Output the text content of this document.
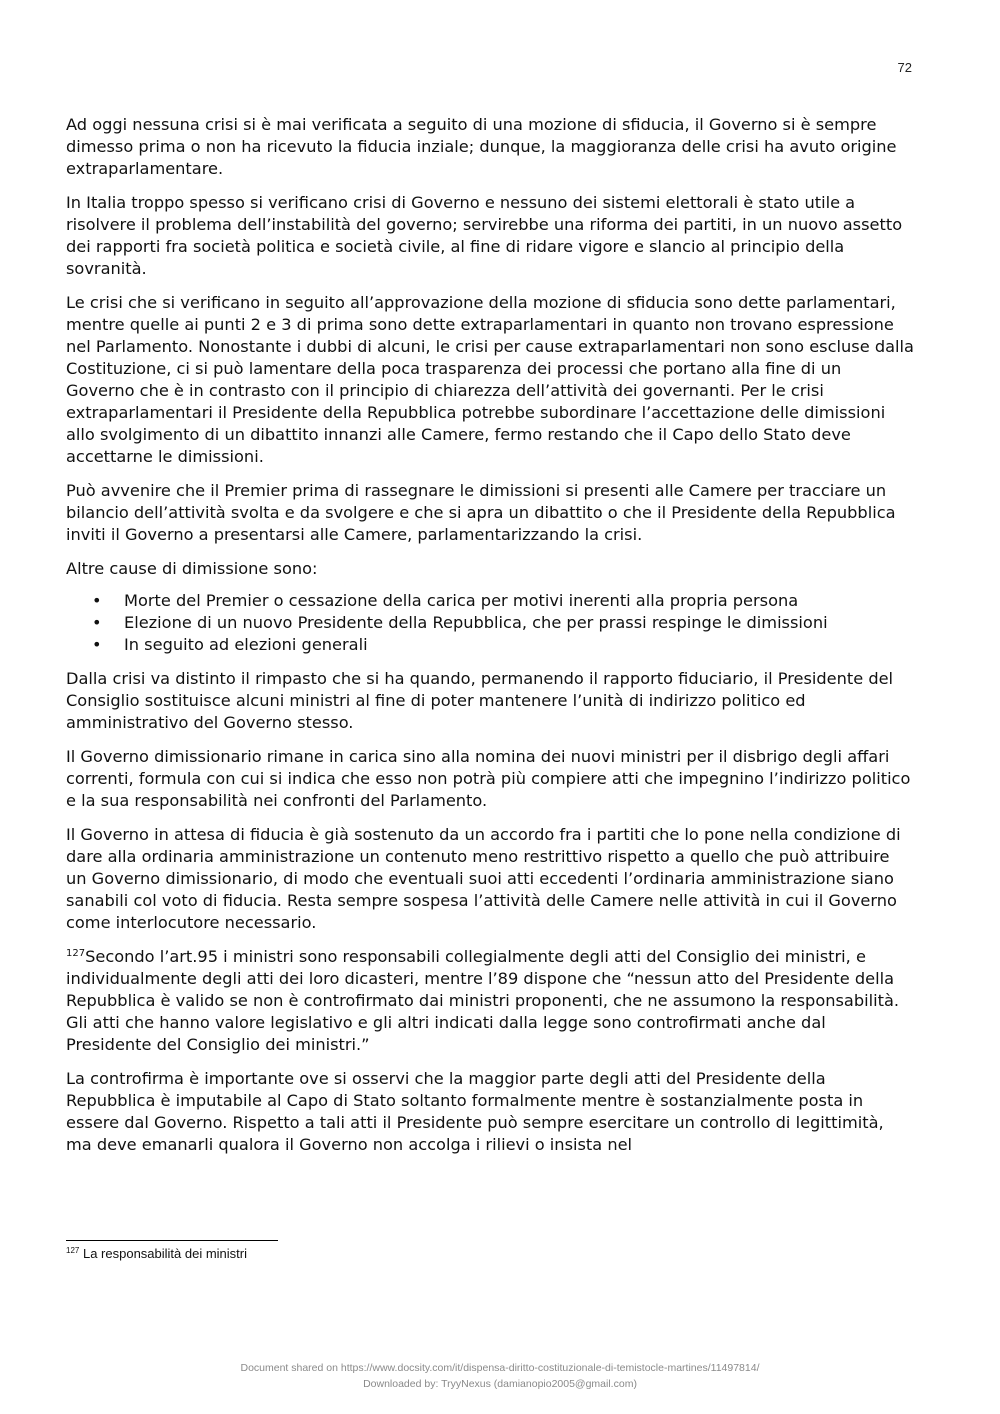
72

Ad oggi nessuna crisi si è mai verificata a seguito di una mozione di sfiducia, il Governo si è sempre dimesso prima o non ha ricevuto la fiducia inziale; dunque, la maggioranza delle crisi ha avuto origine extraparlamentare.

In Italia troppo spesso si verificano crisi di Governo e nessuno dei sistemi elettorali è stato utile a risolvere il problema dell’instabilità del governo; servirebbe una riforma dei partiti, in un nuovo assetto dei rapporti fra società politica e società civile, al fine di ridare vigore e slancio al principio della sovranità.

Le crisi che si verificano in seguito all’approvazione della mozione di sfiducia sono dette parlamentari, mentre quelle ai punti 2 e 3 di prima sono dette extraparlamentari in quanto non trovano espressione nel Parlamento. Nonostante i dubbi di alcuni, le crisi per cause extraparlamentari non sono escluse dalla Costituzione, ci si può lamentare della poca trasparenza dei processi che portano alla fine di un Governo che è in contrasto con il principio di chiarezza dell’attività dei governanti. Per le crisi extraparlamentari il Presidente della Repubblica potrebbe subordinare l’accettazione delle dimissioni allo svolgimento di un dibattito innanzi alle Camere, fermo restando che il Capo dello Stato deve accettarne le dimissioni.

Può avvenire che il Premier prima di rassegnare le dimissioni si presenti alle Camere per tracciare un bilancio dell’attività svolta e da svolgere e che si apra un dibattito o che il Presidente della Repubblica inviti il Governo a presentarsi alle Camere, parlamentarizzando la crisi.

Altre cause di dimissione sono:

• Morte del Premier o cessazione della carica per motivi inerenti alla propria persona
• Elezione di un nuovo Presidente della Repubblica, che per prassi respinge le dimissioni
• In seguito ad elezioni generali

Dalla crisi va distinto il rimpasto che si ha quando, permanendo il rapporto fiduciario, il Presidente del Consiglio sostituisce alcuni ministri al fine di poter mantenere l’unità di indirizzo politico ed amministrativo del Governo stesso.

Il Governo dimissionario rimane in carica sino alla nomina dei nuovi ministri per il disbrigo degli affari correnti, formula con cui si indica che esso non potrà più compiere atti che impegnino l’indirizzo politico e la sua responsabilità nei confronti del Parlamento.

Il Governo in attesa di fiducia è già sostenuto da un accordo fra i partiti che lo pone nella condizione di dare alla ordinaria amministrazione un contenuto meno restrittivo rispetto a quello che può attribuire un Governo dimissionario, di modo che eventuali suoi atti eccedenti l’ordinaria amministrazione siano sanabili col voto di fiducia. Resta sempre sospesa l’attività delle Camere nelle attività in cui il Governo come interlocutore necessario.

$^{127}$Secondo l’art.95 i ministri sono responsabili collegialmente degli atti del Consiglio dei ministri, e individualmente degli atti dei loro dicasteri, mentre l’89 dispone che “nessun atto del Presidente della Repubblica è valido se non è controfirmato dai ministri proponenti, che ne assumono la responsabilità. Gli atti che hanno valore legislativo e gli altri indicati dalla legge sono controfirmati anche dal Presidente del Consiglio dei ministri.”

La controfirma è importante ove si osservi che la maggior parte degli atti del Presidente della Repubblica è imputabile al Capo di Stato soltanto formalmente mentre è sostanzialmente posta in essere dal Governo. Rispetto a tali atti il Presidente può sempre esercitare un controllo di legittimità, ma deve emanarli qualora il Governo non accolga i rilievi o insista nel

$^{127}$ La responsabilità dei ministri
Document shared on https://www.docsity.com/it/dispensa-diritto-costituzionale-di-temistocle-martines/11497814/
Downloaded by: TryyNexus (damianopio2005@gmail.com)
